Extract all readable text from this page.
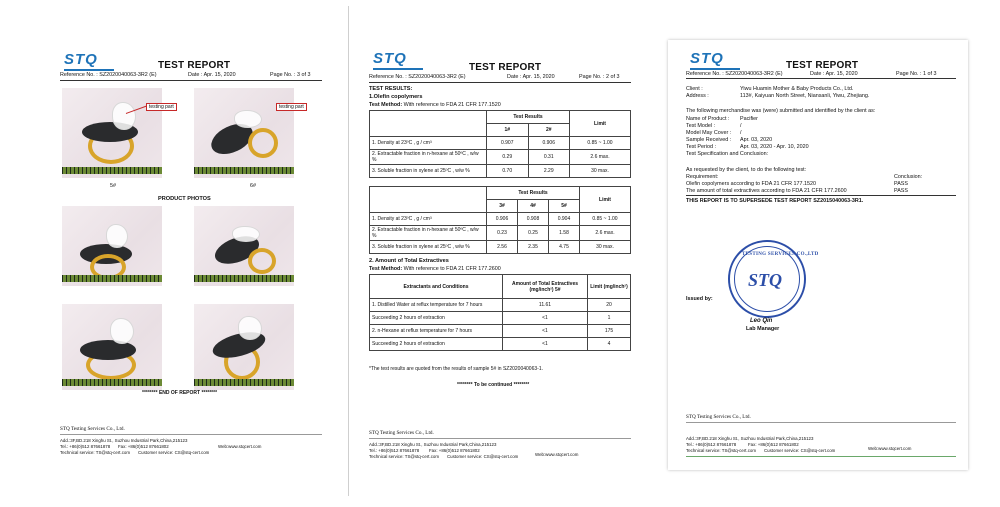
STQ	TEST REPORT
Reference No. : SZ2020040063-3R2 (E)	Date : Apr. 15, 2020	Page No. : 3 of 3
testing part
5#
testing part
6#
PRODUCT PHOTOS
******** END OF REPORT ********
STQ Testing Services Co., Ltd.
Add.:3F,BD.218 Xinghu St., Suzhou Industrial Park,China,215123
Tel.: +86(0)512 87661878 Fax: +86(0)512 87661802	Web:www.stqcert.com
Technical service: TS@stq-cert.com Customer service: CS@stq-cert.com
STQ
TEST REPORT
Reference No. : SZ2020040063-3R2 (E)	Date : Apr. 15, 2020	Page No. : 2 of 3
TEST RESULTS:
1.Olefin copolymers
Test Method: With reference to FDA 21 CFR 177.1520
	Test Results		Limit
	1#	2#	
1. Density at 23ºC , g / cm³	0.907	0.906	0.85 ~ 1.00
2. Extractable fraction in n-hexane at 50ºC , w/w %	0.29	0.31	2.6 max.
3. Soluble fraction in xylene at 25ºC , w/w %	0.70	2.29	30 max.
	Test Results			Limit
	3#	4#	5#	
1. Density at 23ºC , g / cm³	0.906	0.908	0.904	0.85 ~ 1.00
2. Extractable fraction in n-hexane at 50ºC , w/w %	0.23	0.25	1.58	2.6 max.
3. Soluble fraction in xylene at 25ºC , w/w %	2.56	2.35	4.75	30 max.
2. Amount of Total Extractives
Test Method: With reference to FDA 21 CFR 177.2600
Extractants and Conditions	Amount of Total Extractives (mg/inch²) 5#	Limit (mg/inch²)
1. Distilled Water at reflux temperature for 7 hours	11.61	20
Succeeding 2 hours of extraction	<1	1
2. n-Hexane at reflux temperature for 7 hours	<1	175
Succeeding 2 hours of extraction	<1	4
*The test results are quoted from the results of sample 5# in SZ2020040063-1.
******** To be continued ********
STQ Testing Services Co., Ltd.
Add.:3F,BD.218 Xinghu St., Suzhou Industrial Park,China,215123
Tel.: +86(0)512 87661878 Fax: +86(0)512 87661802
Web:www.stqcert.com
Technical service: TS@stq-cert.com Customer service: CS@stq-cert.com
STQ	TEST REPORT
Reference No. : SZ2020040063-3R2 (E)	Date : Apr. 15, 2020	Page No. : 1 of 3
Client :	Yiwu Huamin Mother & Baby Products Co., Ltd.
Address :	113#, Kaiyuan North Street, Niansanli, Yiwu, Zhejiang.
The following merchandise was (were) submitted and identified by the client as:
Name of Product : Pacifier
Test Model :	/
Model May Cover : /
Sample Received : Apr. 03, 2020
Test Period :	Apr. 03, 2020 - Apr. 10, 2020
Test Specification and Conclusion:
As requested by the client, to do the following test:
Requirement:	Conclusion:
Olefin copolymers according to FDA 21 CFR 177.1520	PASS
The amount of total extractives according to FDA 21 CFR 177.2600	PASS
THIS REPORT IS TO SUPERSEDE TEST REPORT SZ2015040063-3R1.
Issued by:
TESTING SERVICES CO.,LTD
STQ
Leo Qin
Lab Manager
STQ Testing Services Co., Ltd.
Add.:3F,BD.218 Xinghu St., Suzhou Industrial Park,China,215123
Tel.: +86(0)512 87661878	Fax: +86(0)512 87661802
Web:www.stqcert.com
Technical service: TS@stq-cert.com Customer service: CS@stq-cert.com
